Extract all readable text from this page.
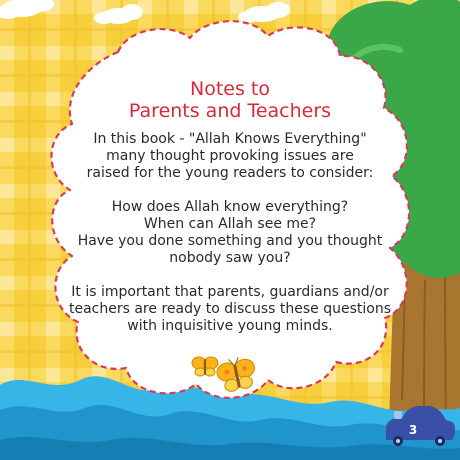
Notes to
Parents and Teachers

In this book - "Allah Knows Everything"
many thought provoking issues are
raised for the young readers to consider:

How does Allah know everything?
When can Allah see me?
Have you done something and you thought
nobody saw you?

It is important that parents, guardians and/or
teachers are ready to discuss these questions
with inquisitive young minds.

3
